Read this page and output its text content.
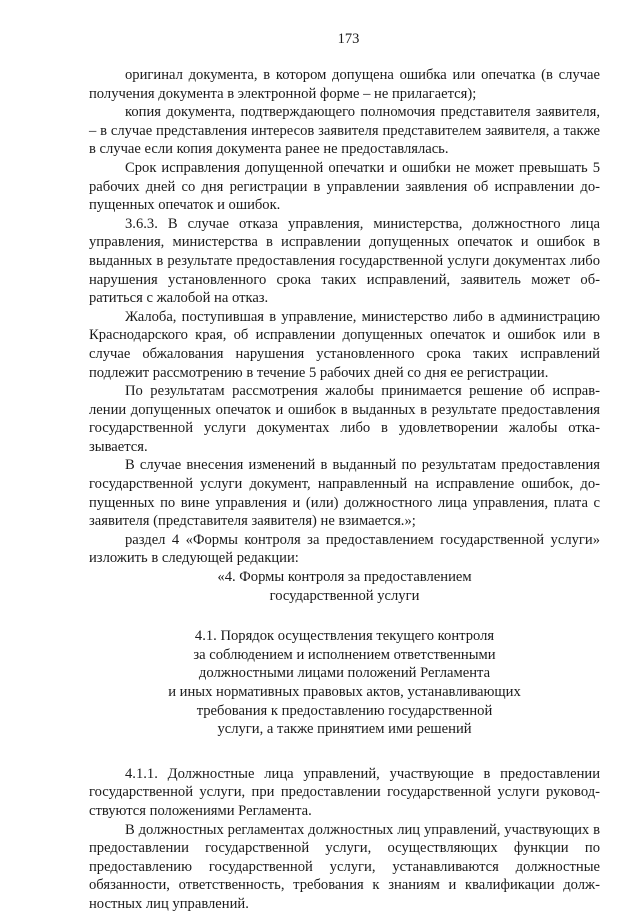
173

оригинал документа, в котором допущена ошибка или опечатка (в случае получения документа в электронной форме – не прилагается);

копия документа, подтверждающего полномочия представителя заявителя, – в случае представления интересов заявителя представителем заявителя, а также в случае если копия документа ранее не предоставлялась.

Срок исправления допущенной опечатки и ошибки не может превышать 5 рабочих дней со дня регистрации в управлении заявления об исправлении допущенных опечаток и ошибок.

3.6.3. В случае отказа управления, министерства, должностного лица управления, министерства в исправлении допущенных опечаток и ошибок в выданных в результате предоставления государственной услуги документах либо нарушения установленного срока таких исправлений, заявитель может обратиться с жалобой на отказ.

Жалоба, поступившая в управление, министерство либо в администрацию Краснодарского края, об исправлении допущенных опечаток и ошибок или в случае обжалования нарушения установленного срока таких исправлений подлежит рассмотрению в течение 5 рабочих дней со дня ее регистрации.

По результатам рассмотрения жалобы принимается решение об исправлении допущенных опечаток и ошибок в выданных в результате предоставления государственной услуги документах либо в удовлетворении жалобы отказывается.

В случае внесения изменений в выданный по результатам предоставления государственной услуги документ, направленный на исправление ошибок, допущенных по вине управления и (или) должностного лица управления, плата с заявителя (представителя заявителя) не взимается.»;

раздел 4 «Формы контроля за предоставлением государственной услуги» изложить в следующей редакции:

«4. Формы контроля за предоставлением

государственной услуги

4.1. Порядок осуществления текущего контроля

за соблюдением и исполнением ответственными

должностными лицами положений Регламента

и иных нормативных правовых актов, устанавливающих

требования к предоставлению государственной

услуги, а также принятием ими решений

4.1.1. Должностные лица управлений, участвующие в предоставлении государственной услуги, при предоставлении государственной услуги руководствуются положениями Регламента.

В должностных регламентах должностных лиц управлений, участвующих в предоставлении государственной услуги, осуществляющих функции по предоставлению государственной услуги, устанавливаются должностные обязанности, ответственность, требования к знаниям и квалификации должностных лиц управлений.
